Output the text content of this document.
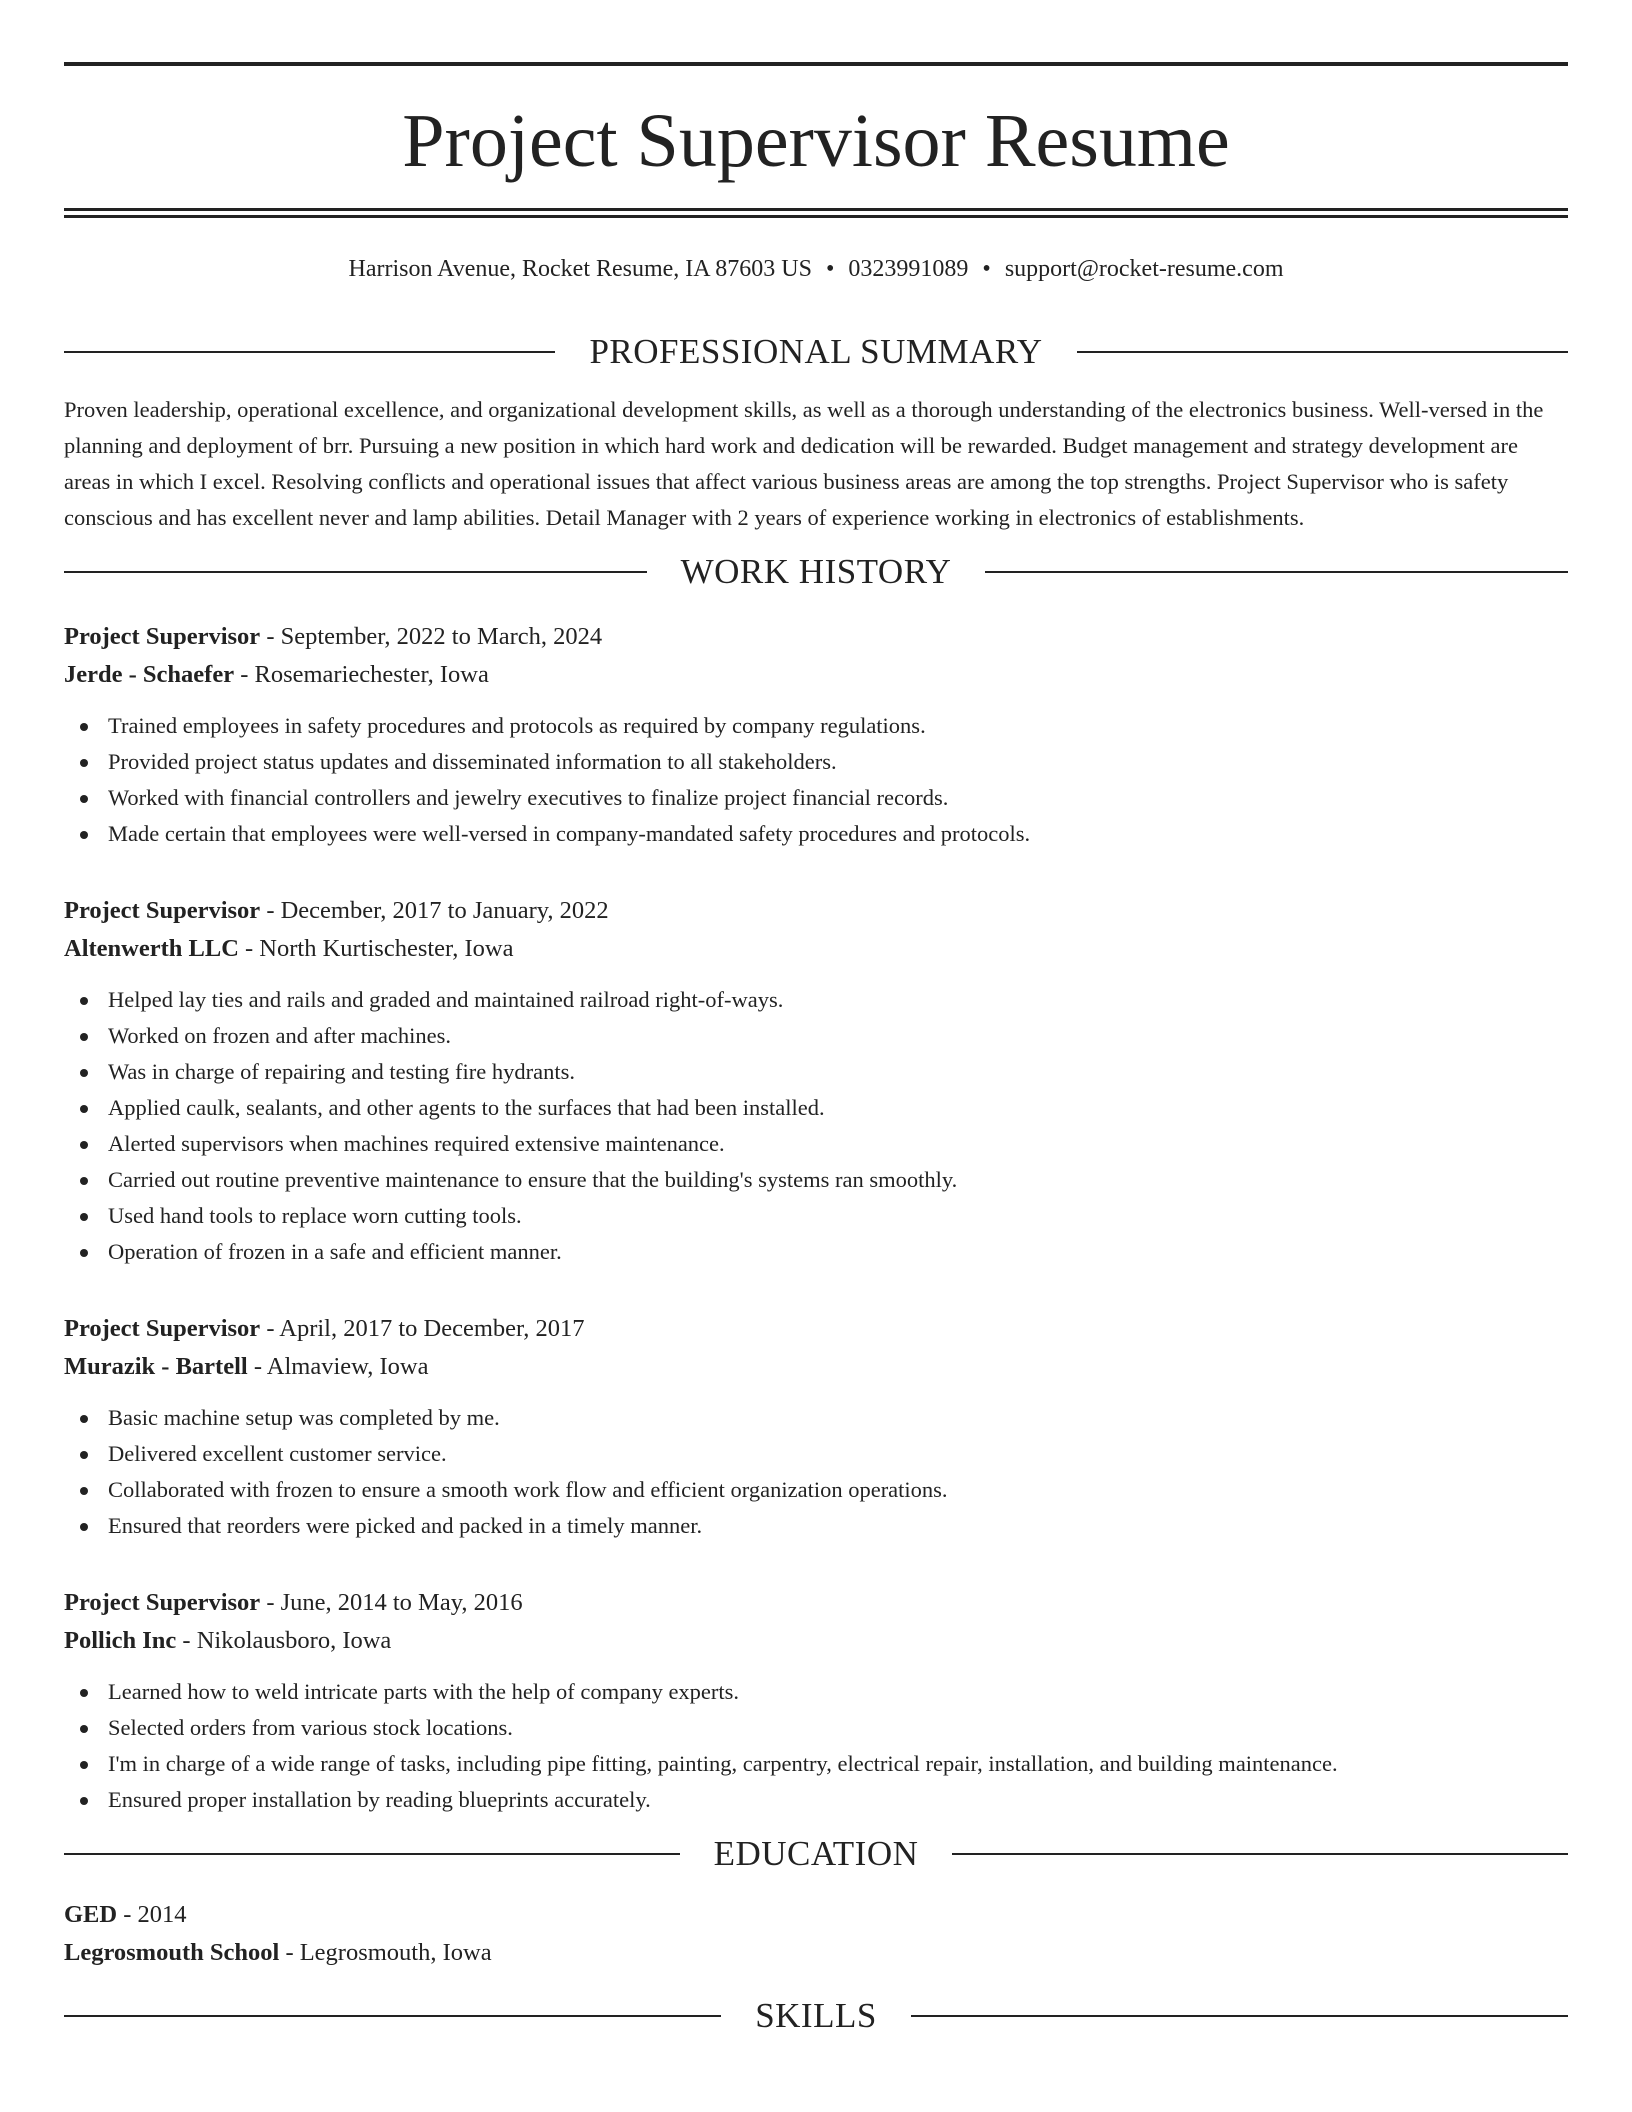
Project Supervisor Resume
Harrison Avenue, Rocket Resume, IA 87603 US • 0323991089 • support@rocket-resume.com
PROFESSIONAL SUMMARY
Proven leadership, operational excellence, and organizational development skills, as well as a thorough understanding of the electronics business. Well-versed in the planning and deployment of brr. Pursuing a new position in which hard work and dedication will be rewarded. Budget management and strategy development are areas in which I excel. Resolving conflicts and operational issues that affect various business areas are among the top strengths. Project Supervisor who is safety conscious and has excellent never and lamp abilities. Detail Manager with 2 years of experience working in electronics of establishments.
WORK HISTORY
Project Supervisor - September, 2022 to March, 2024
Jerde - Schaefer - Rosemariechester, Iowa
Trained employees in safety procedures and protocols as required by company regulations.
Provided project status updates and disseminated information to all stakeholders.
Worked with financial controllers and jewelry executives to finalize project financial records.
Made certain that employees were well-versed in company-mandated safety procedures and protocols.
Project Supervisor - December, 2017 to January, 2022
Altenwerth LLC - North Kurtischester, Iowa
Helped lay ties and rails and graded and maintained railroad right-of-ways.
Worked on frozen and after machines.
Was in charge of repairing and testing fire hydrants.
Applied caulk, sealants, and other agents to the surfaces that had been installed.
Alerted supervisors when machines required extensive maintenance.
Carried out routine preventive maintenance to ensure that the building's systems ran smoothly.
Used hand tools to replace worn cutting tools.
Operation of frozen in a safe and efficient manner.
Project Supervisor - April, 2017 to December, 2017
Murazik - Bartell - Almaview, Iowa
Basic machine setup was completed by me.
Delivered excellent customer service.
Collaborated with frozen to ensure a smooth work flow and efficient organization operations.
Ensured that reorders were picked and packed in a timely manner.
Project Supervisor - June, 2014 to May, 2016
Pollich Inc - Nikolausboro, Iowa
Learned how to weld intricate parts with the help of company experts.
Selected orders from various stock locations.
I'm in charge of a wide range of tasks, including pipe fitting, painting, carpentry, electrical repair, installation, and building maintenance.
Ensured proper installation by reading blueprints accurately.
EDUCATION
GED - 2014
Legrosmouth School - Legrosmouth, Iowa
SKILLS
